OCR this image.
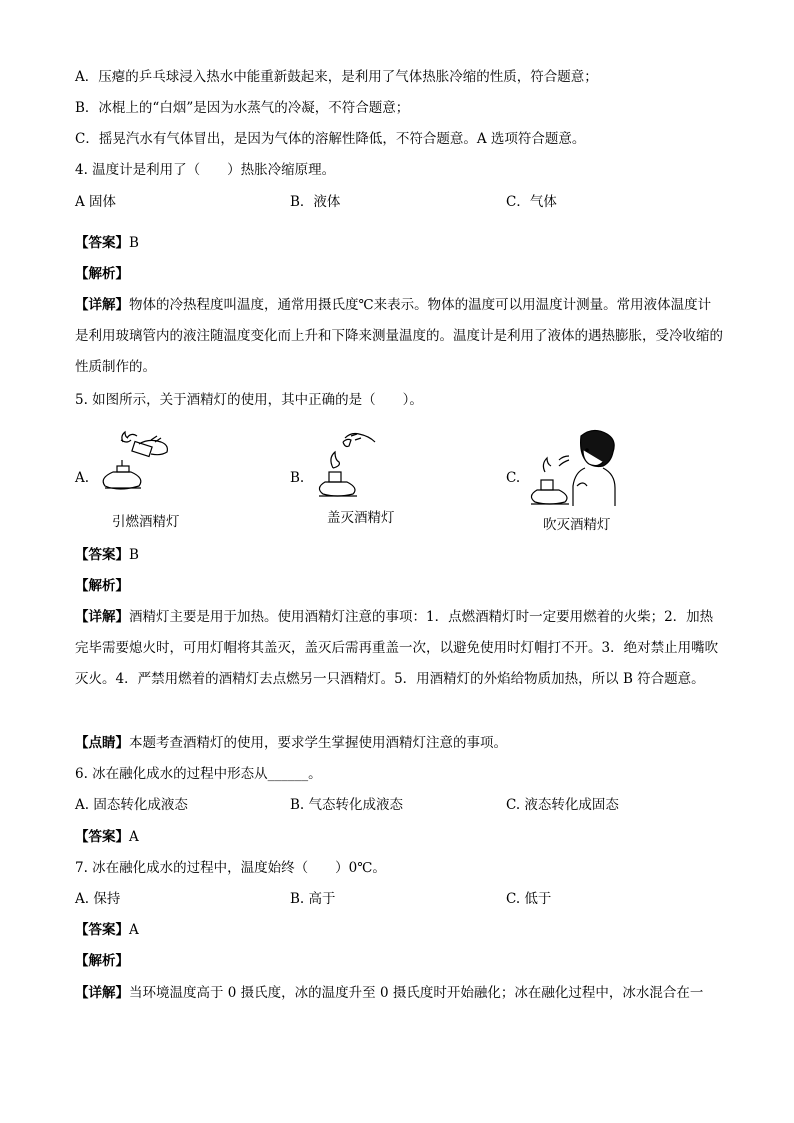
A．压瘪的乒乓球浸入热水中能重新鼓起来，是利用了气体热胀冷缩的性质，符合题意；
B．冰棍上的“白烟”是因为水蒸气的冷凝，不符合题意；
C．摇晃汽水有气体冒出，是因为气体的溶解性降低，不符合题意。A 选项符合题意。
4. 温度计是利用了（　　）热胀冷缩原理。
A 固体	B．液体	C．气体
【答案】B
【解析】
【详解】物体的冷热程度叫温度，通常用摄氏度℃来表示。物体的温度可以用温度计测量。常用液体温度计是利用玻璃管内的液注随温度变化而上升和下降来测量温度的。温度计是利用了液体的遇热膨胀，受冷收缩的性质制作的。
5. 如图所示，关于酒精灯的使用，其中正确的是（　　）。
A.	B.	C.
引燃酒精灯	盖灭酒精灯	吹灭酒精灯
【答案】B
【解析】
【详解】酒精灯主要是用于加热。使用酒精灯注意的事项：1．点燃酒精灯时一定要用燃着的火柴；2．加热完毕需要熄火时，可用灯帽将其盖灭，盖灭后需再重盖一次，以避免使用时灯帽打不开。3．绝对禁止用嘴吹灭火。4．严禁用燃着的酒精灯去点燃另一只酒精灯。5．用酒精灯的外焰给物质加热，所以 B 符合题意。
【点睛】本题考查酒精灯的使用，要求学生掌握使用酒精灯注意的事项。
6. 冰在融化成水的过程中形态从______。
A. 固态转化成液态	B. 气态转化成液态	C. 液态转化成固态
【答案】A
7. 冰在融化成水的过程中，温度始终（　　）0℃。
A. 保持	B. 高于	C. 低于
【答案】A
【解析】
【详解】当环境温度高于 0 摄氏度，冰的温度升至 0 摄氏度时开始融化；冰在融化过程中，冰水混合在一
